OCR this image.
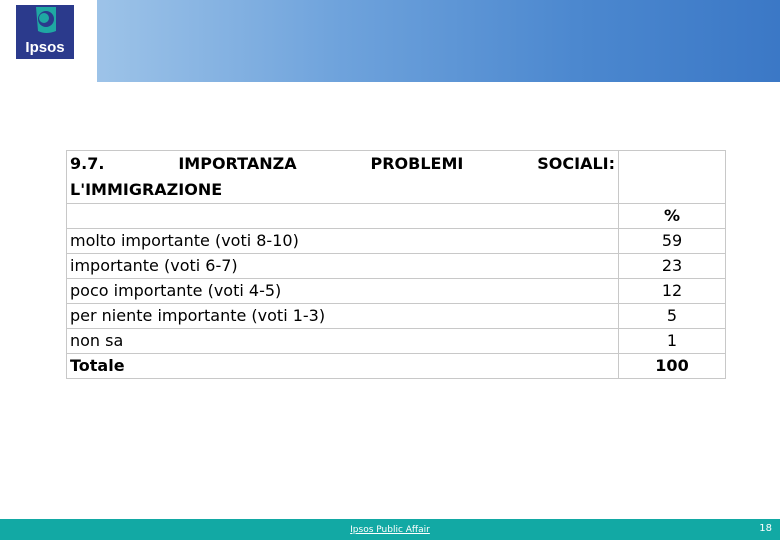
Ipsos
9.7. IMPORTANZA PROBLEMI SOCIALI:
L'IMMIGRAZIONE	

	%
molto importante (voti 8-10)	59
importante (voti 6-7)	23
poco importante (voti 4-5)	12
per niente importante (voti 1-3)	5
non sa	1
Totale	100
Ipsos Public Affair	18
